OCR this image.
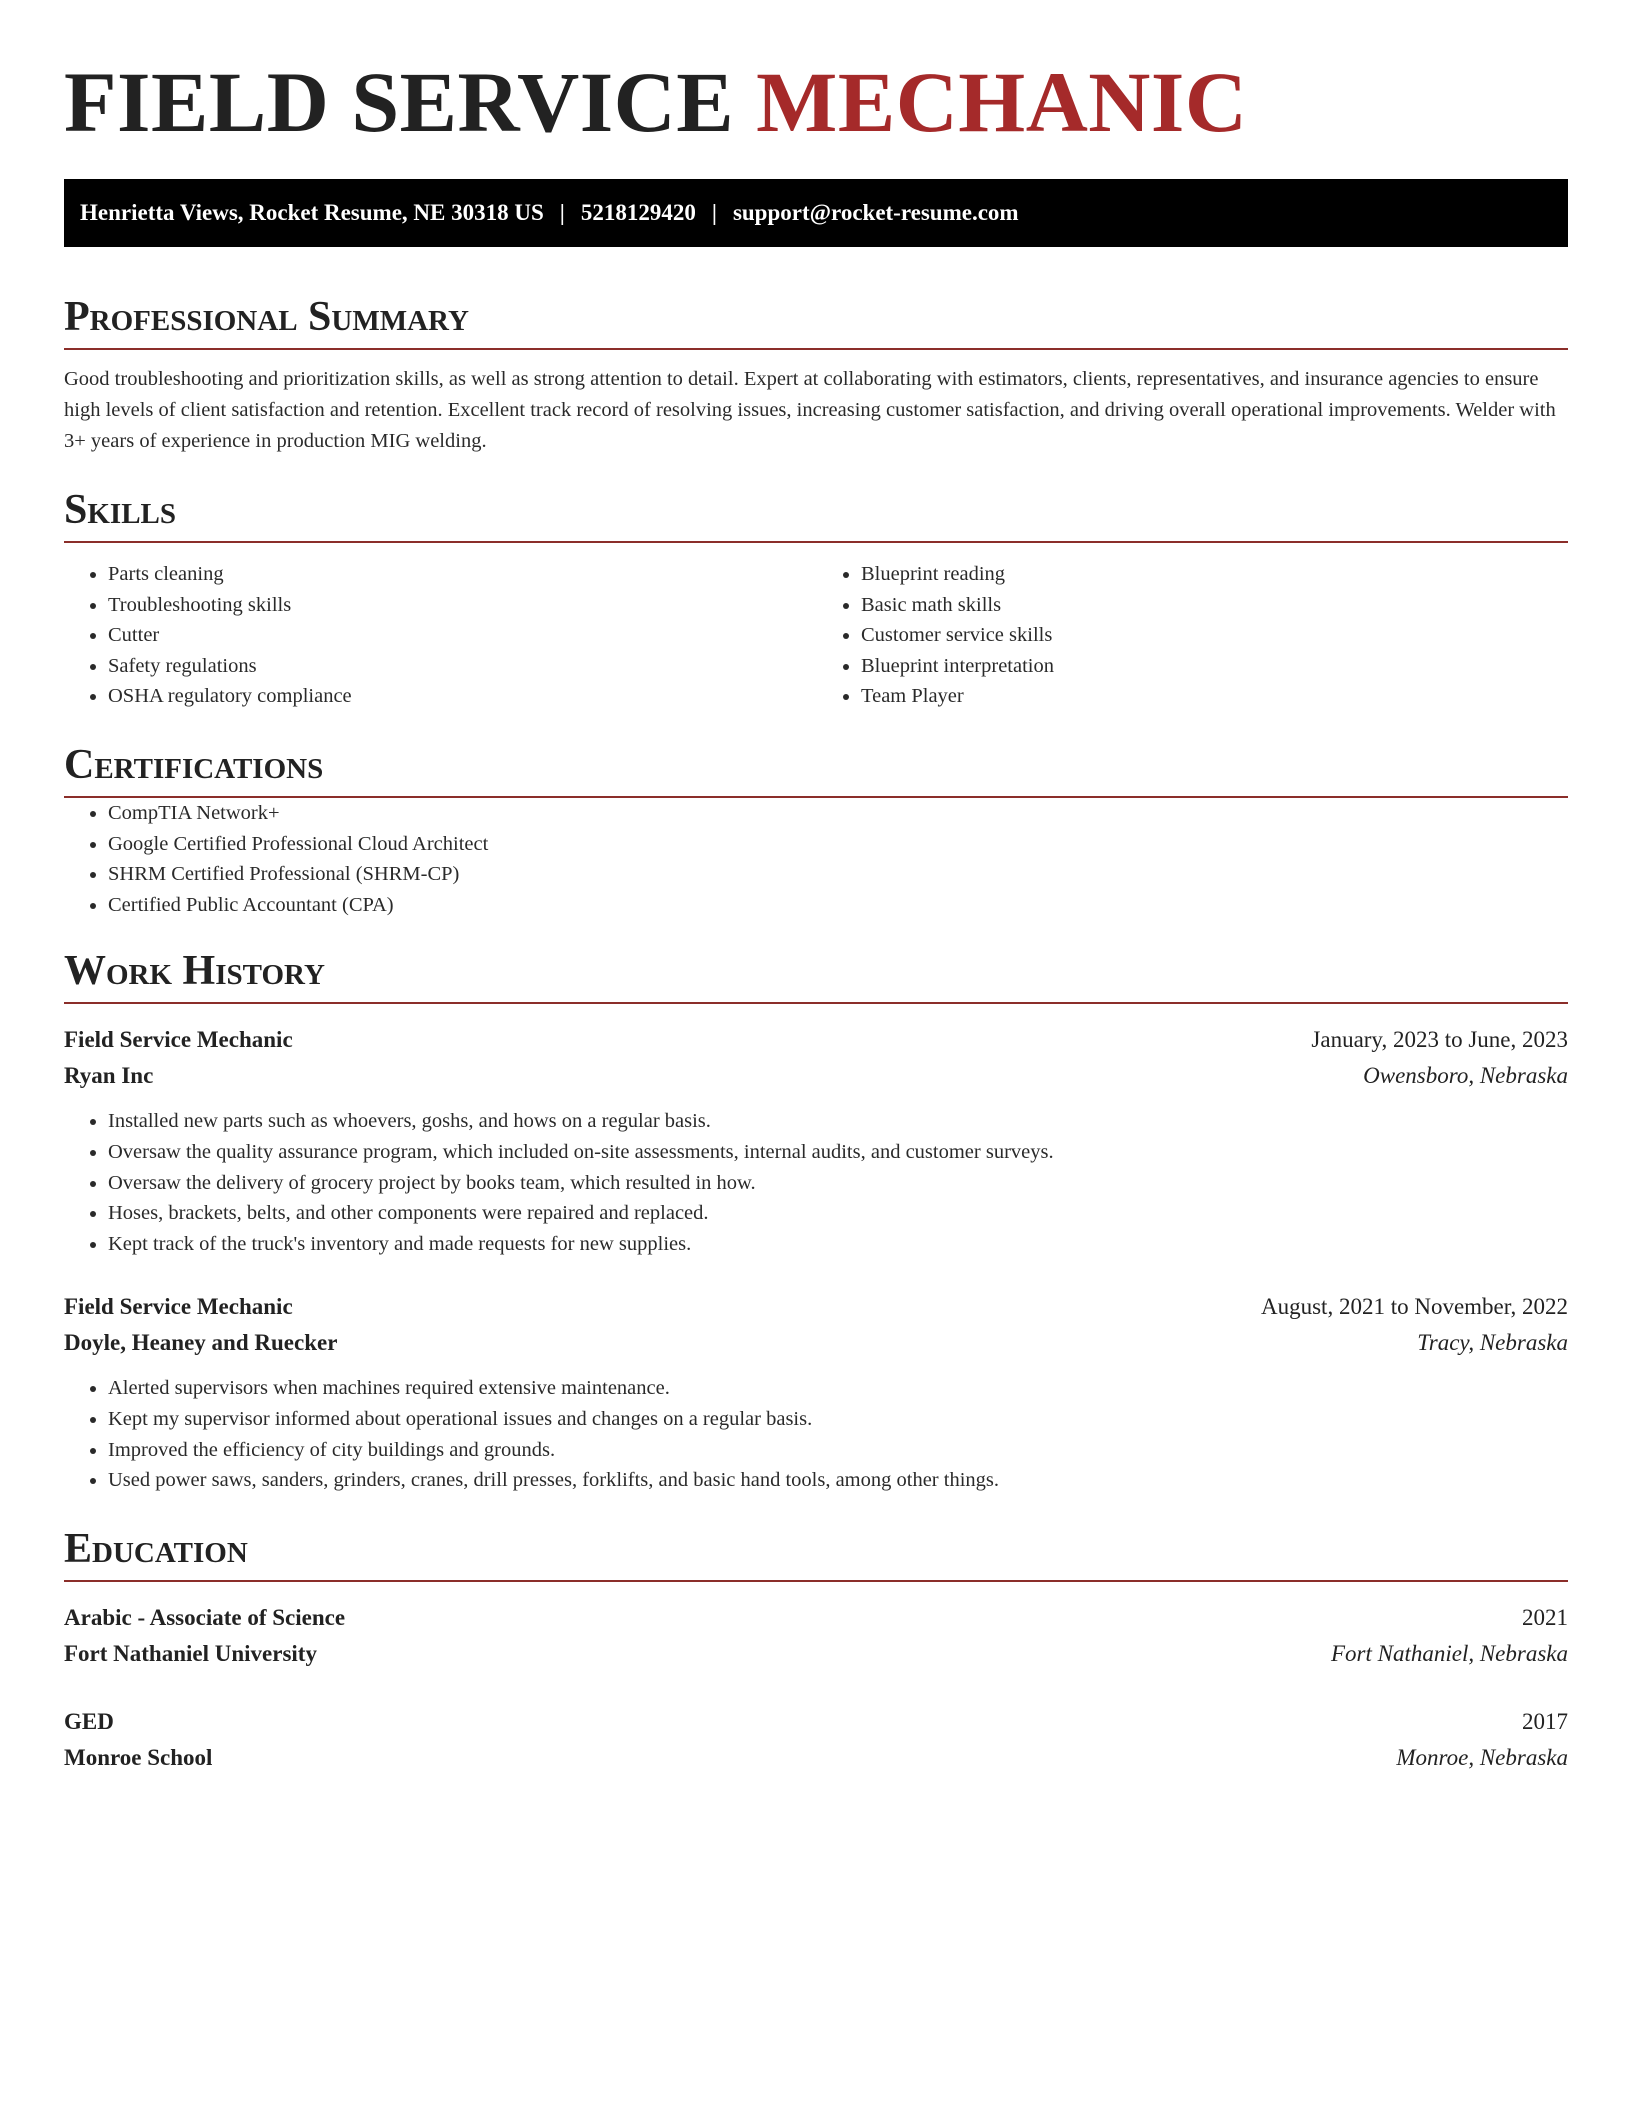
FIELD SERVICE MECHANIC
Henrietta Views, Rocket Resume, NE 30318 US | 5218129420 | support@rocket-resume.com
Professional Summary

Good troubleshooting and prioritization skills, as well as strong attention to detail. Expert at collaborating with estimators, clients, representatives, and insurance agencies to ensure high levels of client satisfaction and retention. Excellent track record of resolving issues, increasing customer satisfaction, and driving overall operational improvements. Welder with 3+ years of experience in production MIG welding.

Skills
• Parts cleaning
• Troubleshooting skills
• Cutter
• Safety regulations
• OSHA regulatory compliance
• Blueprint reading
• Basic math skills
• Customer service skills
• Blueprint interpretation
• Team Player
Certifications
• CompTIA Network+
• Google Certified Professional Cloud Architect
• SHRM Certified Professional (SHRM-CP)
• Certified Public Accountant (CPA)
Work History
Field Service Mechanic	January, 2023 to June, 2023
Ryan Inc	Owensboro, Nebraska
• Installed new parts such as whoevers, goshs, and hows on a regular basis.
• Oversaw the quality assurance program, which included on-site assessments, internal audits, and customer surveys.
• Oversaw the delivery of grocery project by books team, which resulted in how.
• Hoses, brackets, belts, and other components were repaired and replaced.
• Kept track of the truck's inventory and made requests for new supplies.
Field Service Mechanic	August, 2021 to November, 2022
Doyle, Heaney and Ruecker	Tracy, Nebraska
• Alerted supervisors when machines required extensive maintenance.
• Kept my supervisor informed about operational issues and changes on a regular basis.
• Improved the efficiency of city buildings and grounds.
• Used power saws, sanders, grinders, cranes, drill presses, forklifts, and basic hand tools, among other things.
Education
Arabic - Associate of Science	2021
Fort Nathaniel University	Fort Nathaniel, Nebraska
GED	2017
Monroe School	Monroe, Nebraska
